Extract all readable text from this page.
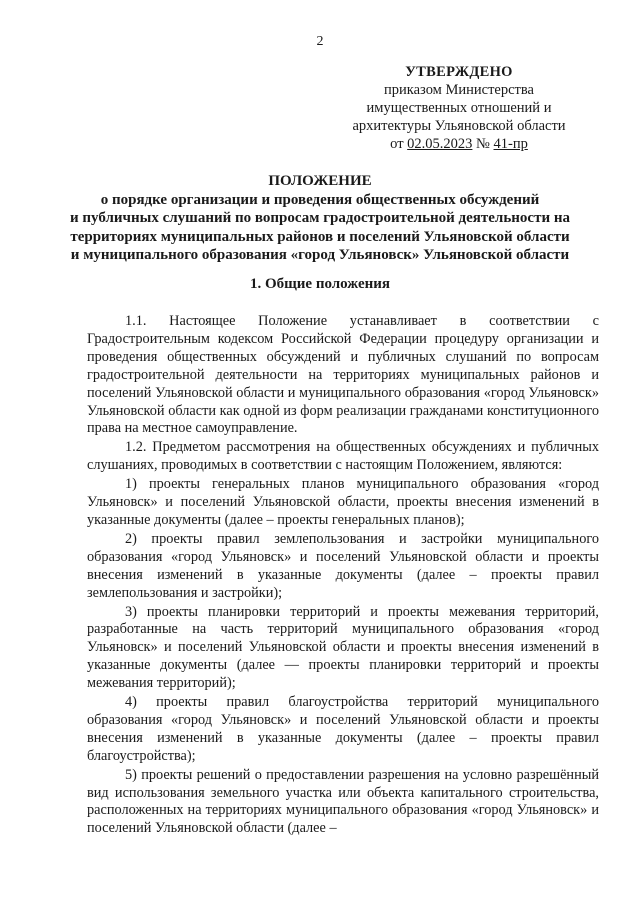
2
УТВЕРЖДЕНО
приказом Министерства
имущественных отношений и
архитектуры Ульяновской области
от 02.05.2023 № 41-пр
ПОЛОЖЕНИЕ
о порядке организации и проведения общественных обсуждений
и публичных слушаний по вопросам градостроительной деятельности на
территориях муниципальных районов и поселений Ульяновской области
и муниципального образования «город Ульяновск» Ульяновской области
1. Общие положения

1.1. Настоящее Положение устанавливает в соответствии с Градостроительным кодексом Российской Федерации процедуру организации и проведения общественных обсуждений и публичных слушаний по вопросам градостроительной деятельности на территориях муниципальных районов и поселений Ульяновской области и муниципального образования «город Ульяновск» Ульяновской области как одной из форм реализации гражданами конституционного права на местное самоуправление.

1.2. Предметом рассмотрения на общественных обсуждениях и публичных слушаниях, проводимых в соответствии с настоящим Положением, являются:

1) проекты генеральных планов муниципального образования «город Ульяновск» и поселений Ульяновской области, проекты внесения изменений в указанные документы (далее – проекты генеральных планов);

2) проекты правил землепользования и застройки муниципального образования «город Ульяновск» и поселений Ульяновской области и проекты внесения изменений в указанные документы (далее – проекты правил землепользования и застройки);

3) проекты планировки территорий и проекты межевания территорий, разработанные на часть территорий муниципального образования «город Ульяновск» и поселений Ульяновской области и проекты внесения изменений в указанные документы (далее — проекты планировки территорий и проекты межевания территорий);

4) проекты правил благоустройства территорий муниципального образования «город Ульяновск» и поселений Ульяновской области и проекты внесения изменений в указанные документы (далее – проекты правил благоустройства);

5) проекты решений о предоставлении разрешения на условно разрешённый вид использования земельного участка или объекта капитального строительства, расположенных на территориях муниципального образования «город Ульяновск» и поселений Ульяновской области (далее –
